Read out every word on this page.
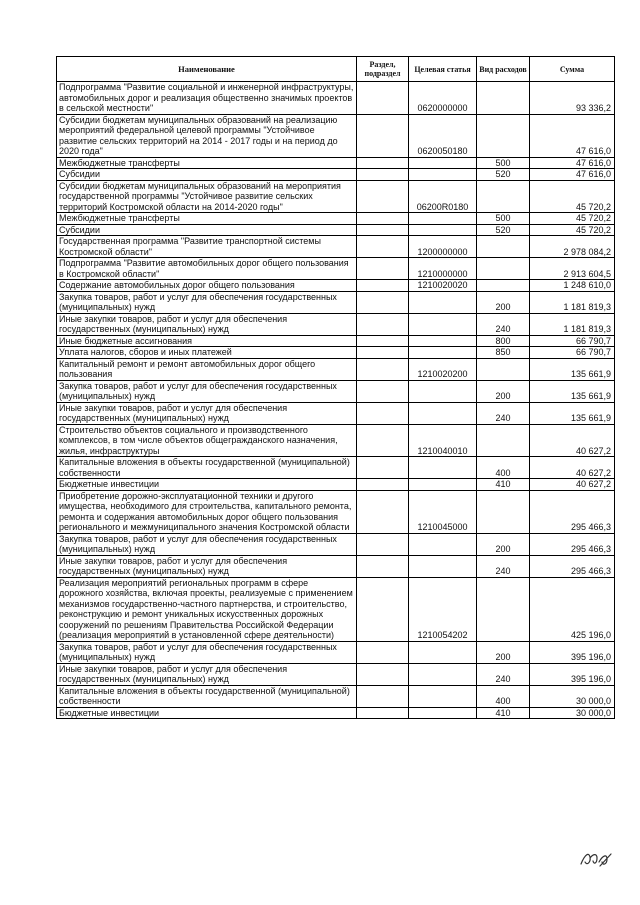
Наименование	Раздел, подраздел	Целевая статья	Вид расходов	Сумма
Подпрограмма "Развитие социальной и инженерной инфраструктуры, автомобильных дорог и реализация общественно значимых проектов в сельской местности"		0620000000		93 336,2
Субсидии бюджетам муниципальных образований на реализацию мероприятий федеральной целевой программы "Устойчивое развитие сельских территорий на 2014 - 2017 годы и на период до 2020 года"		0620050180		47 616,0
Межбюджетные трансферты			500	47 616,0
Субсидии			520	47 616,0
Субсидии бюджетам муниципальных образований на мероприятия государственной программы "Устойчивое развитие сельских территорий Костромской области на 2014-2020 годы"		06200R0180		45 720,2
Межбюджетные трансферты			500	45 720,2
Субсидии			520	45 720,2
Государственная программа "Развитие транспортной системы Костромской области"		1200000000		2 978 084,2
Подпрограмма "Развитие автомобильных дорог общего пользования в Костромской области"		1210000000		2 913 604,5
Содержание автомобильных дорог общего пользования		1210020020		1 248 610,0
Закупка товаров, работ и услуг для обеспечения государственных (муниципальных) нужд			200	1 181 819,3
Иные закупки товаров, работ и услуг для обеспечения государственных (муниципальных) нужд			240	1 181 819,3
Иные бюджетные ассигнования			800	66 790,7
Уплата налогов, сборов и иных платежей			850	66 790,7
Капитальный ремонт и ремонт автомобильных дорог общего пользования		1210020200		135 661,9
Закупка товаров, работ и услуг для обеспечения государственных (муниципальных) нужд			200	135 661,9
Иные закупки товаров, работ и услуг для обеспечения государственных (муниципальных) нужд			240	135 661,9
Строительство объектов социального и производственного комплексов, в том числе объектов общегражданского назначения, жилья, инфраструктуры		1210040010		40 627,2
Капитальные вложения в объекты государственной (муниципальной) собственности			400	40 627,2
Бюджетные инвестиции			410	40 627,2
Приобретение дорожно-эксплуатационной техники и другого имущества, необходимого для строительства, капитального ремонта, ремонта и содержания автомобильных дорог общего пользования регионального и межмуниципального значения Костромской области		1210045000		295 466,3
Закупка товаров, работ и услуг для обеспечения государственных (муниципальных) нужд			200	295 466,3
Иные закупки товаров, работ и услуг для обеспечения государственных (муниципальных) нужд			240	295 466,3
Реализация мероприятий региональных программ в сфере дорожного хозяйства, включая проекты, реализуемые с применением механизмов государственно-частного партнерства, и строительство, реконструкцию и ремонт уникальных искусственных дорожных сооружений по решениям Правительства Российской Федерации (реализация мероприятий в установленной сфере деятельности)		1210054202		425 196,0
Закупка товаров, работ и услуг для обеспечения государственных (муниципальных) нужд			200	395 196,0
Иные закупки товаров, работ и услуг для обеспечения государственных (муниципальных) нужд			240	395 196,0
Капитальные вложения в объекты государственной (муниципальной) собственности			400	30 000,0
Бюджетные инвестиции			410	30 000,0
